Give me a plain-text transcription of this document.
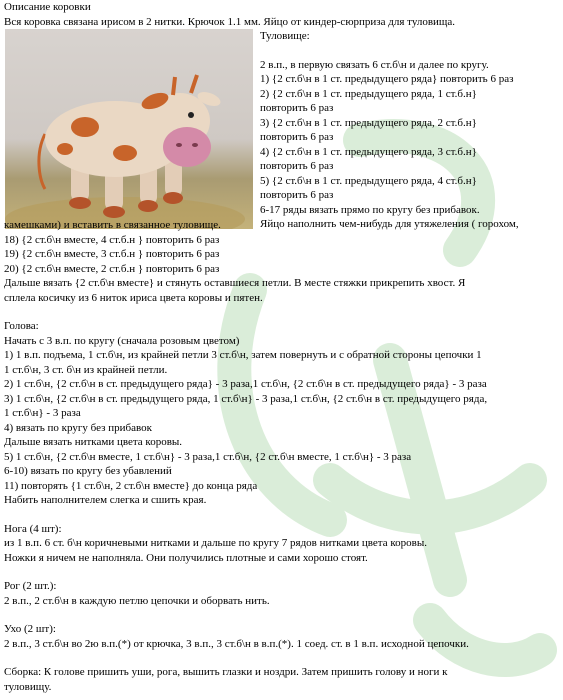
Описание коровки
Вся коровка связана ирисом в 2 нитки. Крючок 1.1 мм. Яйцо от киндер-сюрприза для туловища.
Туловище:
2 в.п., в первую связать 6 ст.б\н и далее по кругу.
1) {2 ст.б\н в 1 ст. предыдущего ряда} повторить 6 раз
2) {2 ст.б\н в 1 ст. предыдущего ряда, 1 ст.б.н}
повторить 6 раз
3) {2 ст.б\н в 1 ст. предыдущего ряда, 2 ст.б.н}
повторить 6 раз
4) {2 ст.б\н в 1 ст. предыдущего ряда, 3 ст.б.н}
повторить 6 раз
5) {2 ст.б\н в 1 ст. предыдущего ряда, 4 ст.б.н}
повторить 6 раз
6-17 ряды вязать прямо по кругу без прибавок.
Яйцо наполнить чем-нибудь для утяжеления ( горохом,
камешками) и вставить в связанное туловище.
18) {2 ст.б\н вместе, 4 ст.б.н } повторить 6 раз
19) {2 ст.б\н вместе, 3 ст.б.н } повторить 6 раз
20) {2 ст.б\н вместе, 2 ст.б.н } повторить 6 раз
Дальше вязать {2 ст.б\н вместе} и стянуть оставшиеся петли. В месте стяжки прикрепить хвост. Я
сплела косичку из 6 ниток ириса цвета коровы и пятен.
Голова:
Начать с 3 в.п. по кругу (сначала розовым цветом)
1) 1 в.п. подъема, 1 ст.б\н, из крайней петли 3 ст.б\н, затем повернуть и с обратной стороны цепочки 1
1 ст.б\н, 3 ст. б\н из крайней петли.
2) 1 ст.б\н, {2 ст.б\н в ст. предыдущего ряда} - 3 раза,1 ст.б\н, {2 ст.б\н в ст. предыдущего ряда} - 3 раза
3) 1 ст.б\н, {2 ст.б\н в ст. предыдущего ряда, 1 ст.б\н} - 3 раза,1 ст.б\н, {2 ст.б\н в ст. предыдущего ряда,
1 ст.б\н} - 3 раза
4) вязать по кругу без прибавок
Дальше вязать нитками цвета коровы.
5) 1 ст.б\н, {2 ст.б\н вместе, 1 ст.б\н} - 3 раза,1 ст.б\н, {2 ст.б\н вместе, 1 ст.б\н} - 3 раза
6-10) вязать по кругу без убавлений
11) повторять {1 ст.б\н, 2 ст.б\н вместе} до конца ряда
Набить наполнителем слегка и сшить края.
Нога (4 шт):
из 1 в.п. 6 ст. б\н коричневыми нитками и дальше по кругу 7 рядов нитками цвета коровы.
Ножки я ничем не наполняла. Они получились плотные и сами хорошо стоят.
Рог (2 шт.):
2 в.п., 2 ст.б\н в каждую петлю цепочки и оборвать нить.
Ухо (2 шт):
2 в.п., 3 ст.б\н во 2ю в.п.(*) от крючка, 3 в.п., 3 ст.б\н в в.п.(*). 1 соед. ст. в 1 в.п. исходной цепочки.
Сборка: К голове пришить уши, рога, вышить глазки и ноздри. Затем пришить голову и ноги к
туловищу.
